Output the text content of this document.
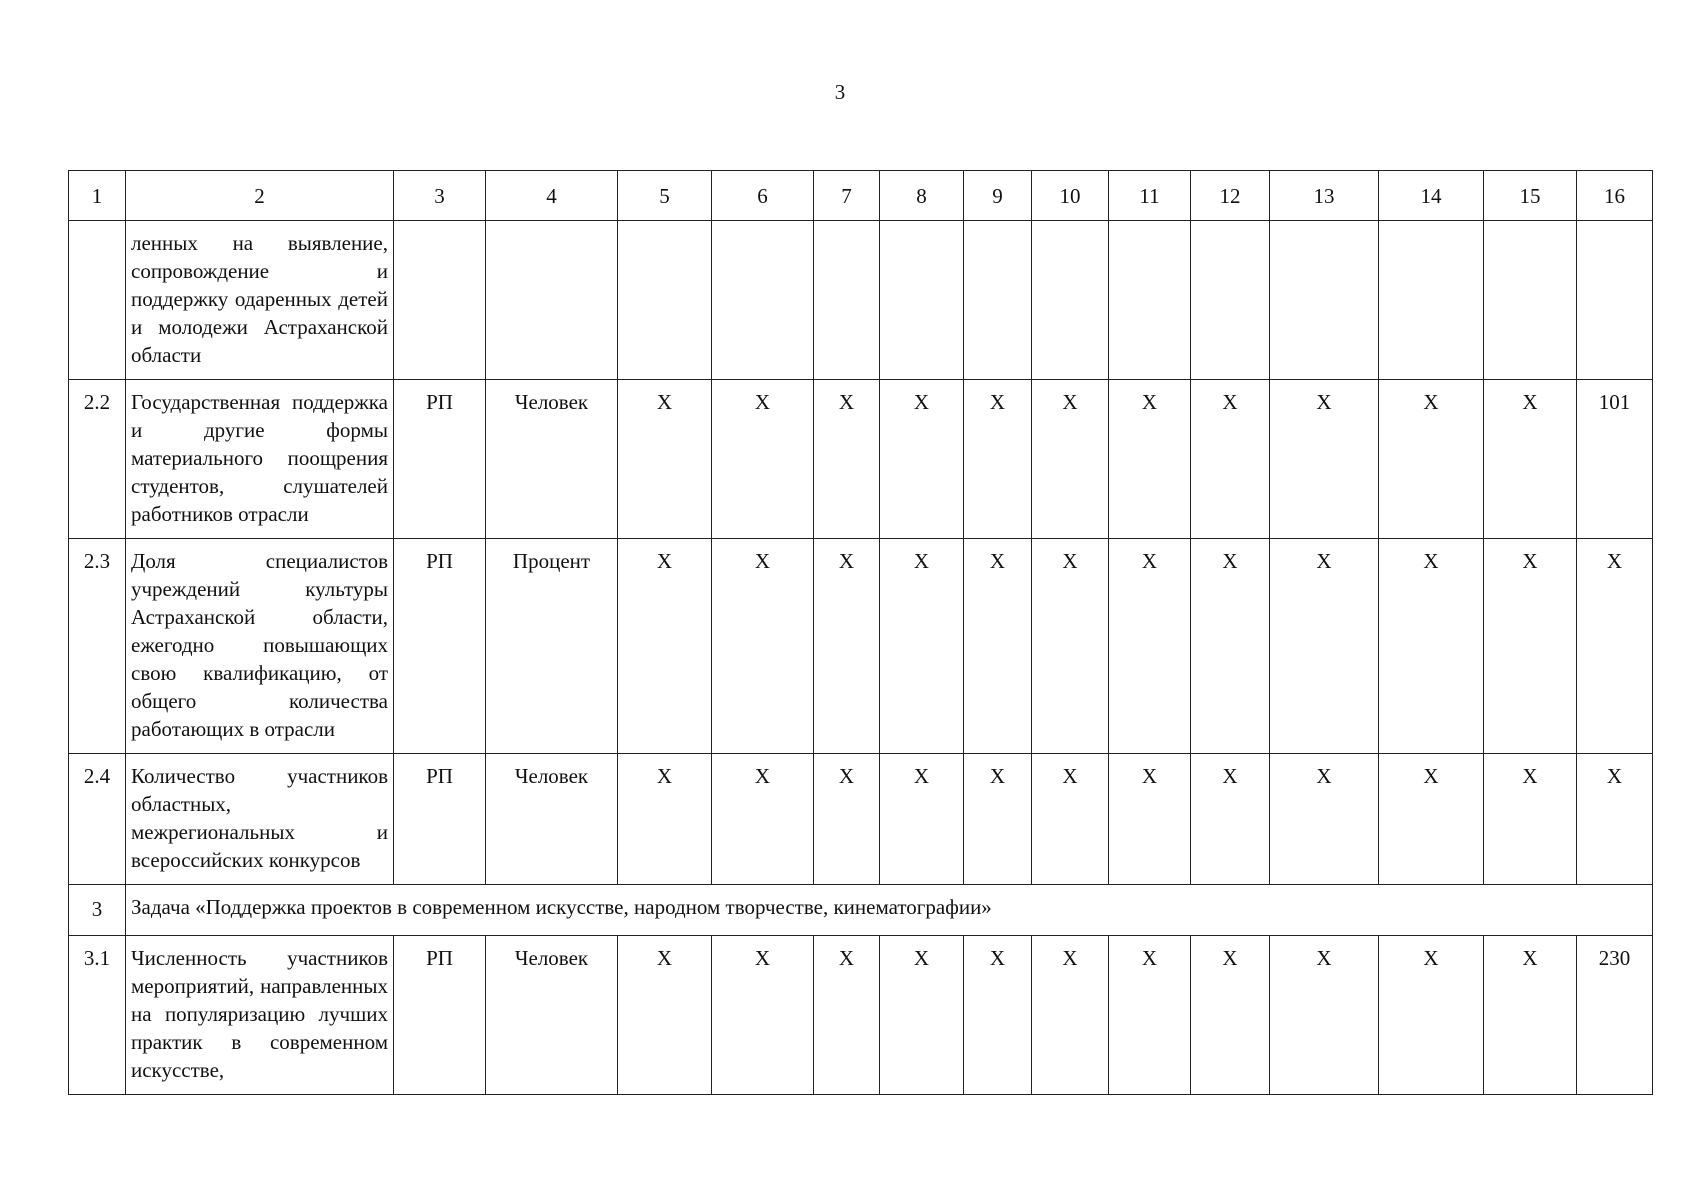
3
1	2	3	4	5	6	7	8	9	10	11	12	13	14	15	16
	ленных на выявление, сопровождение и поддержку одаренных детей и молодежи Астраханской области														
2.2	Государственная поддержка и другие формы материального поощрения студентов, слушателей работников отрасли	РП	Человек	Х	Х	Х	Х	Х	Х	Х	Х	Х	Х	Х	101
2.3	Доля специалистов учреждений культуры Астраханской области, ежегодно повышающих свою квалификацию, от общего количества работающих в отрасли	РП	Процент	Х	Х	Х	Х	Х	Х	Х	Х	Х	Х	Х	Х
2.4	Количество участников областных, межрегиональных и всероссийских конкурсов	РП	Человек	Х	Х	Х	Х	Х	Х	Х	Х	Х	Х	Х	Х
3	Задача «Поддержка проектов в современном искусстве, народном творчестве, кинематографии»														
3.1	Численность участников мероприятий, направленных на популяризацию лучших практик в современном искусстве,	РП	Человек	Х	Х	Х	Х	Х	Х	Х	Х	Х	Х	Х	230
